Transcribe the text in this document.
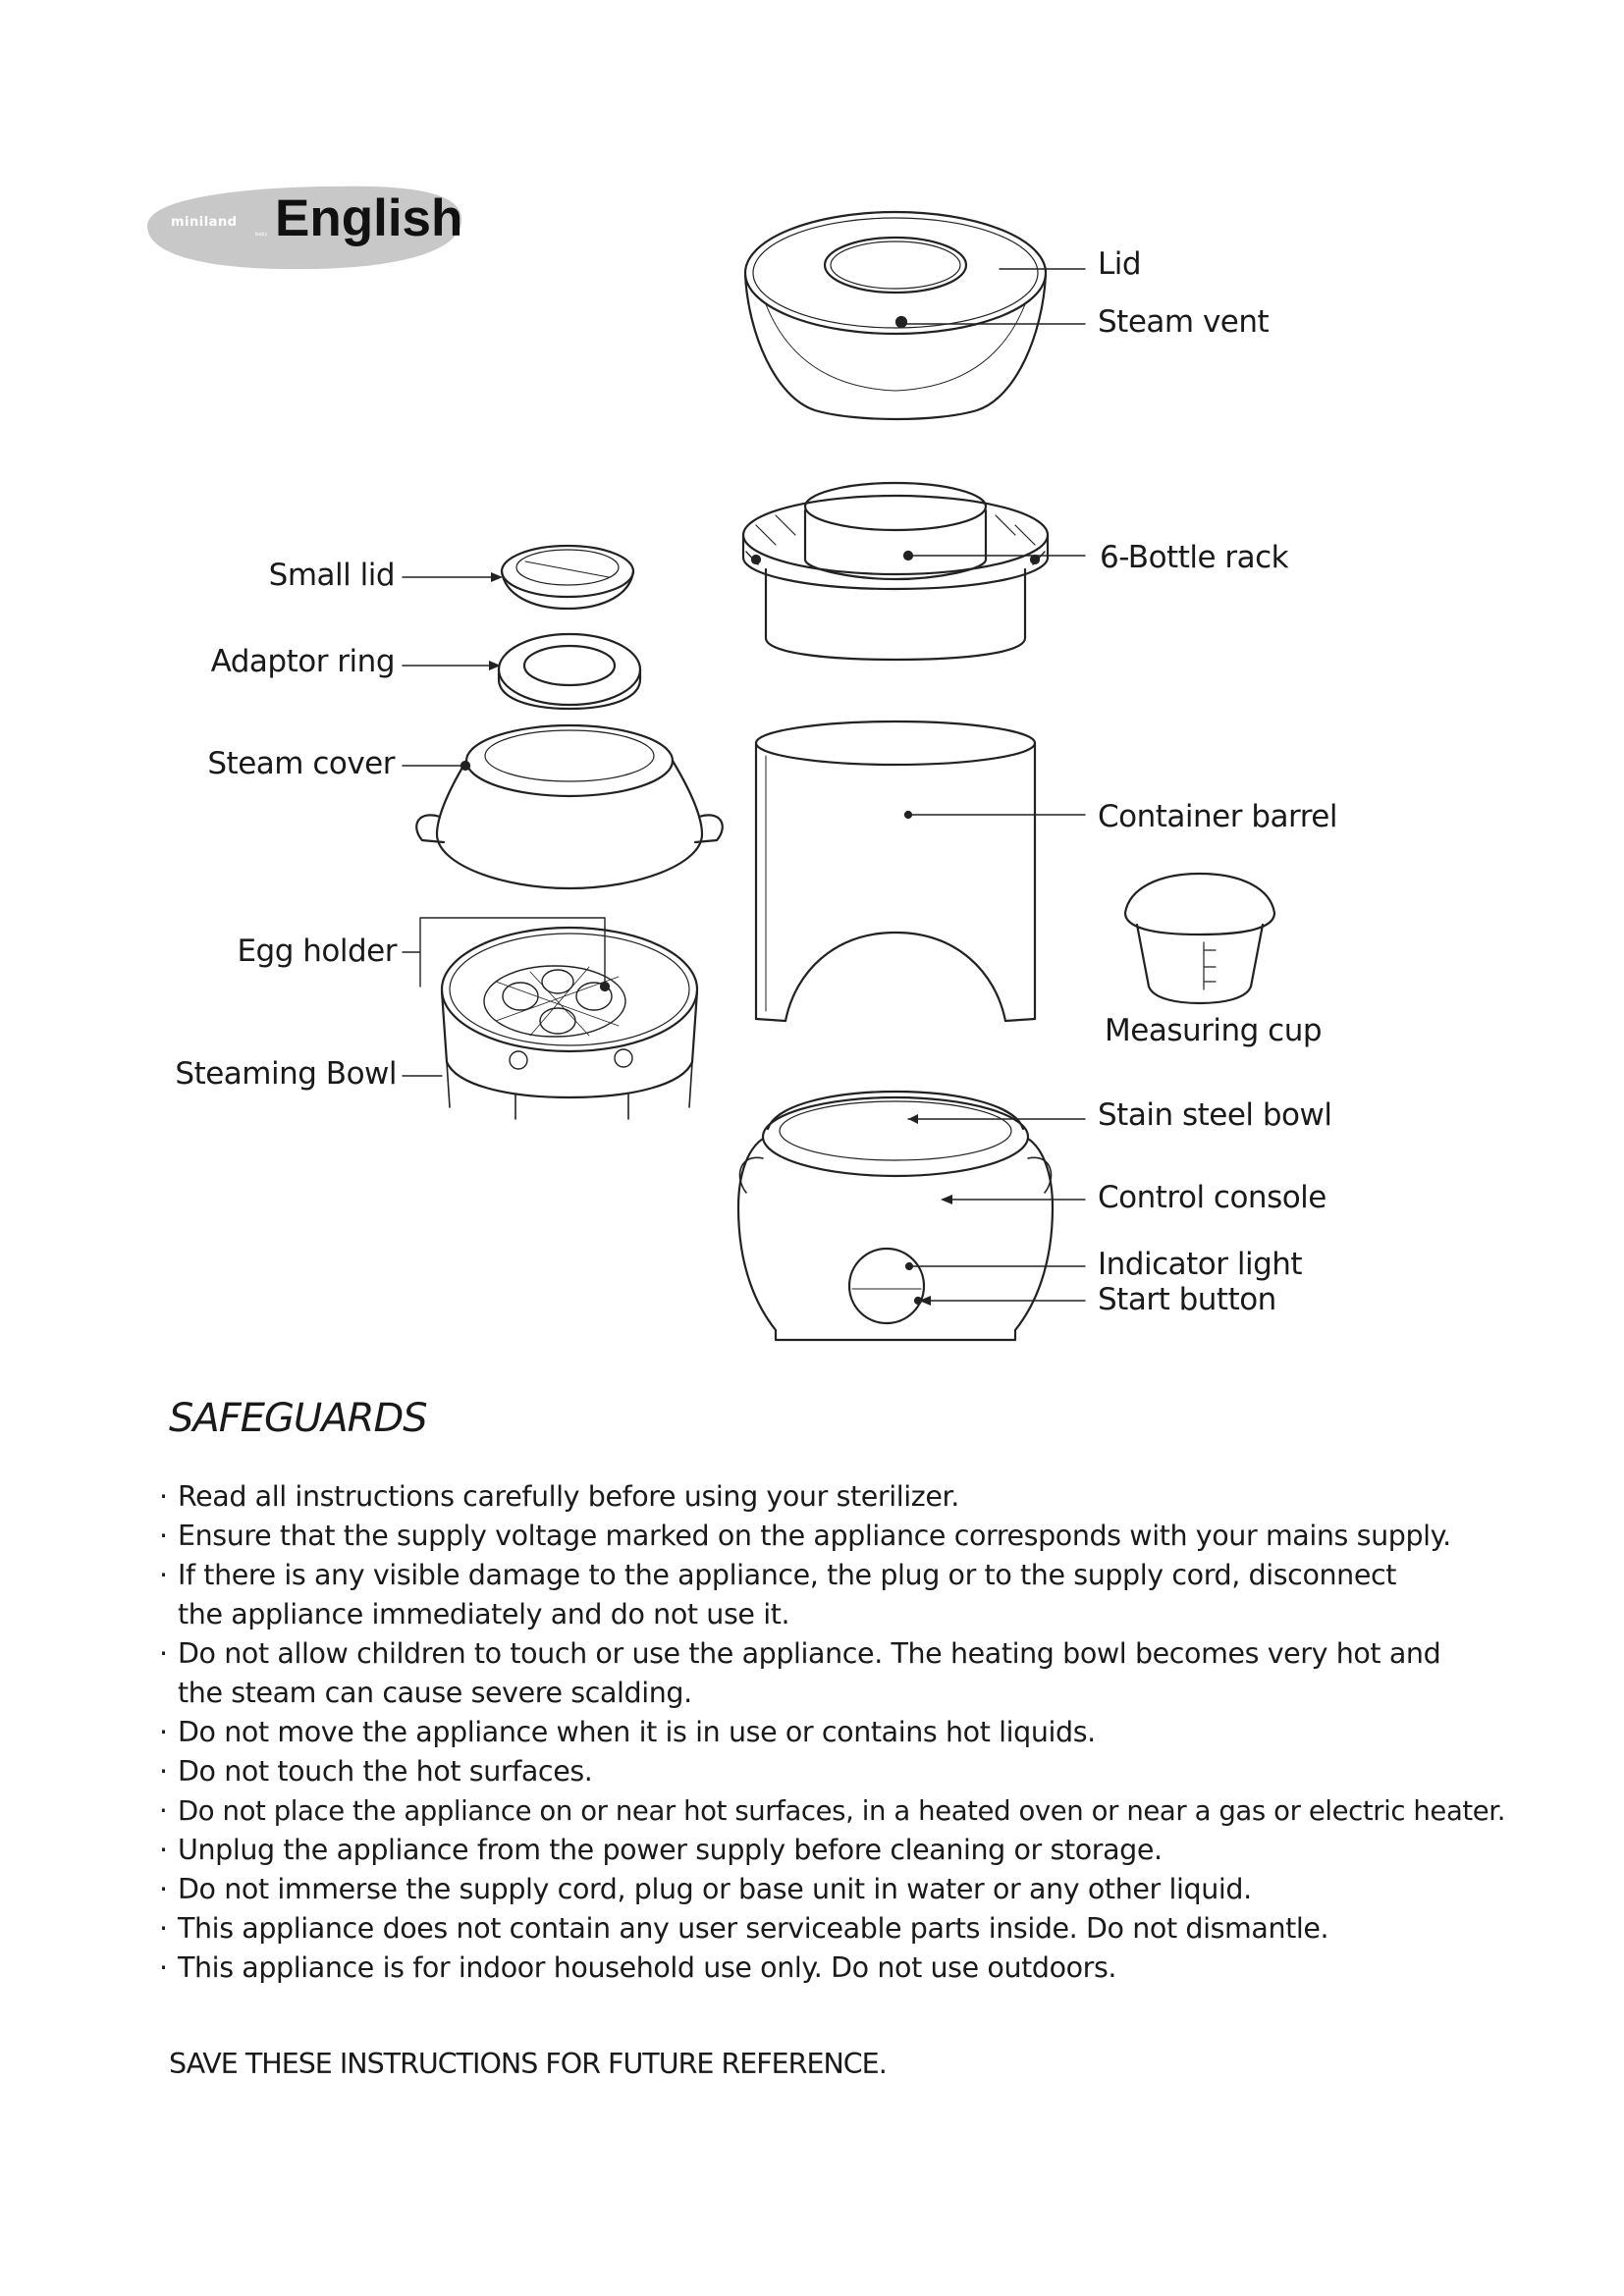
miniland
baby English
Lid
Steam vent
6-Bottle rack
Container barrel
Measuring cup
Stain steel bowl
Control console
Indicator light
Start button
Small lid
Adaptor ring
Steam cover
Egg holder
Steaming Bowl
SAFEGUARDS
· Read all instructions carefully before using your sterilizer.
· Ensure that the supply voltage marked on the appliance corresponds with your mains supply.
· If there is any visible damage to the appliance, the plug or to the supply cord, disconnect the appliance immediately and do not use it.
· Do not allow children to touch or use the appliance. The heating bowl becomes very hot and the steam can cause severe scalding.
· Do not move the appliance when it is in use or contains hot liquids.
· Do not touch the hot surfaces.
· Do not place the appliance on or near hot surfaces, in a heated oven or near a gas or electric heater.
· Unplug the appliance from the power supply before cleaning or storage.
· Do not immerse the supply cord, plug or base unit in water or any other liquid.
· This appliance does not contain any user serviceable parts inside. Do not dismantle.
· This appliance is for indoor household use only. Do not use outdoors.
SAVE THESE INSTRUCTIONS FOR FUTURE REFERENCE.
